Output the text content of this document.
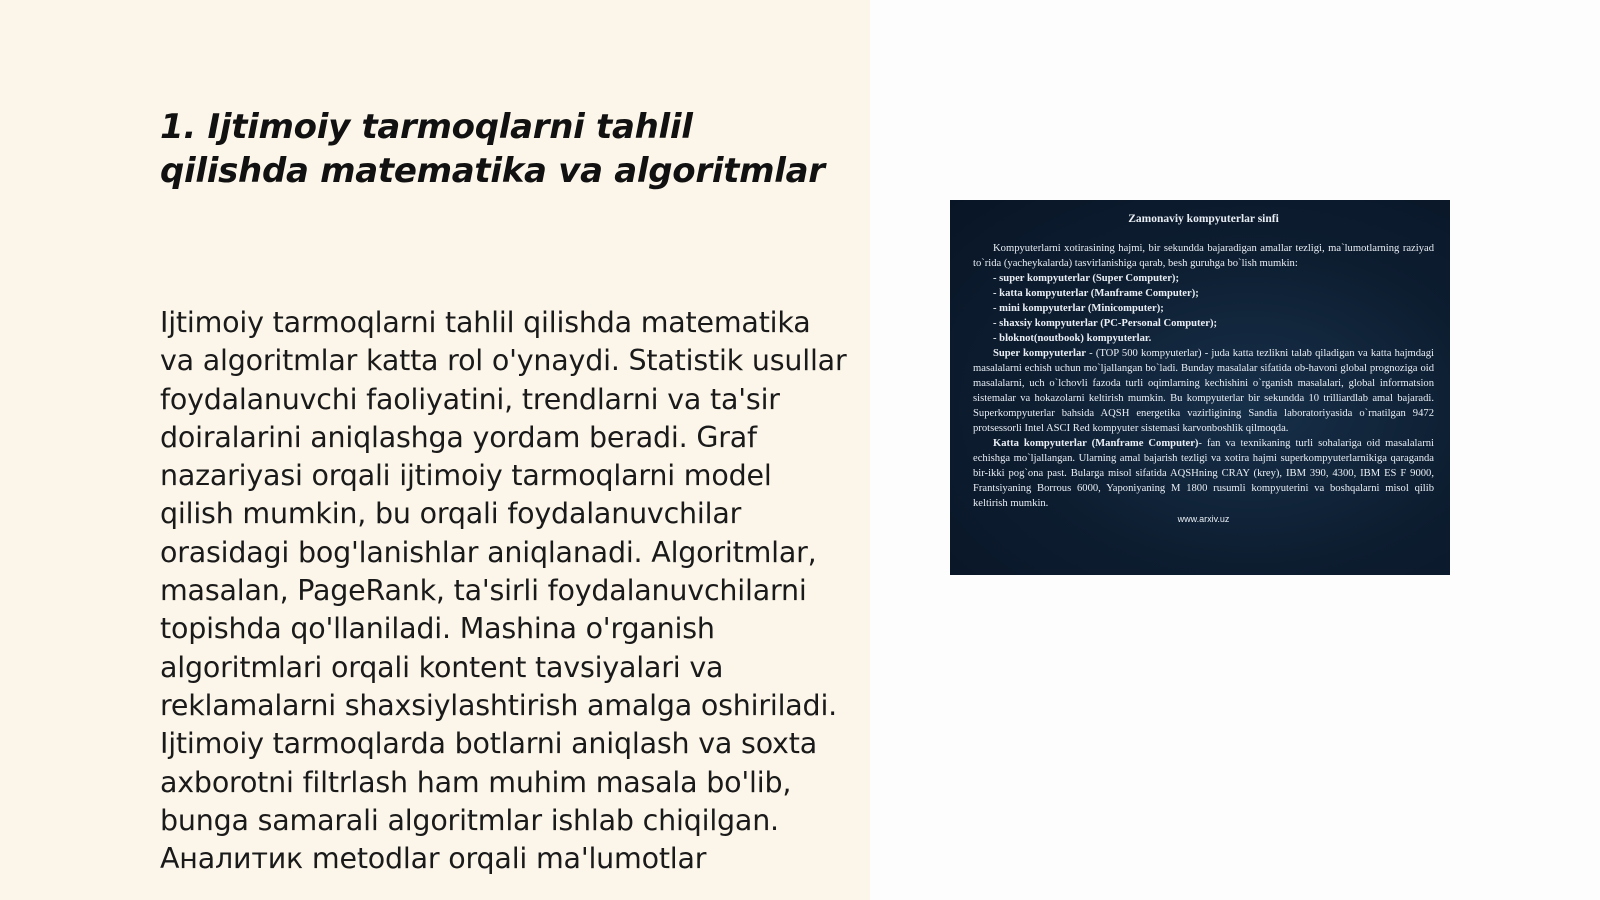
1. Ijtimoiy tarmoqlarni tahlil qilishda matematika va algoritmlar

Ijtimoiy tarmoqlarni tahlil qilishda matematika va algoritmlar katta rol o'ynaydi. Statistik usullar foydalanuvchi faoliyatini, trendlarni va ta'sir doiralarini aniqlashga yordam beradi. Graf nazariyasi orqali ijtimoiy tarmoqlarni model qilish mumkin, bu orqali foydalanuvchilar orasidagi bog'lanishlar aniqlanadi. Algoritmlar, masalan, PageRank, ta'sirli foydalanuvchilarni topishda qo'llaniladi. Mashina o'rganish algoritmlari orqali kontent tavsiyalari va reklamalarni shaxsiylashtirish amalga oshiriladi. Ijtimoiy tarmoqlarda botlarni aniqlash va soxta axborotni filtrlash ham muhim masala bo'lib, bunga samarali algoritmlar ishlab chiqilgan. Аналитик metodlar orqali ma'lumotlar

Zamonaviy kompyuterlar sinfi

Kompyuterlarni xotirasining hajmi, bir sekundda bajaradigan amallar tezligi, ma`lumotlarning raziyad to`rida (yacheykalarda) tasvirlanishiga qarab, besh guruhga bo`lish mumkin:

- super kompyuterlar (Super Computer);
- katta kompyuterlar (Manframe Computer);
- mini kompyuterlar (Minicomputer);
- shaxsiy kompyuterlar (PC-Personal Computer);
- bloknot(noutbook) kompyuterlar.

Super kompyuterlar - (TOP 500 kompyuterlar) - juda katta tezlikni talab qiladigan va katta hajmdagi masalalarni echish uchun mo`ljallangan bo`ladi. Bunday masalalar sifatida ob-havoni global prognoziga oid masalalarni, uch o`lchovli fazoda turli oqimlarning kechishini o`rganish masalalari, global informatsion sistemalar va hokazolarni keltirish mumkin. Bu kompyuterlar bir sekundda 10 trilliardlab amal bajaradi. Superkompyuterlar bahsida AQSH energetika vazirligining Sandia laboratoriyasida o`rnatilgan 9472 protsessorli Intel ASCI Red kompyuter sistemasi karvonboshlik qilmoqda.

Katta kompyuterlar (Manframe Computer)- fan va texnikaning turli sohalariga oid masalalarni echishga mo`ljallangan. Ularning amal bajarish tezligi va xotira hajmi superkompyuterlarnikiga qaraganda bir-ikki pog`ona past. Bularga misol sifatida AQSHning CRAY (krey), IBM 390, 4300, IBM ES F 9000, Frantsiyaning Borrous 6000, Yaponiyaning M 1800 rusumli kompyuterini va boshqalarni misol qilib keltirish mumkin.

www.arxiv.uz
